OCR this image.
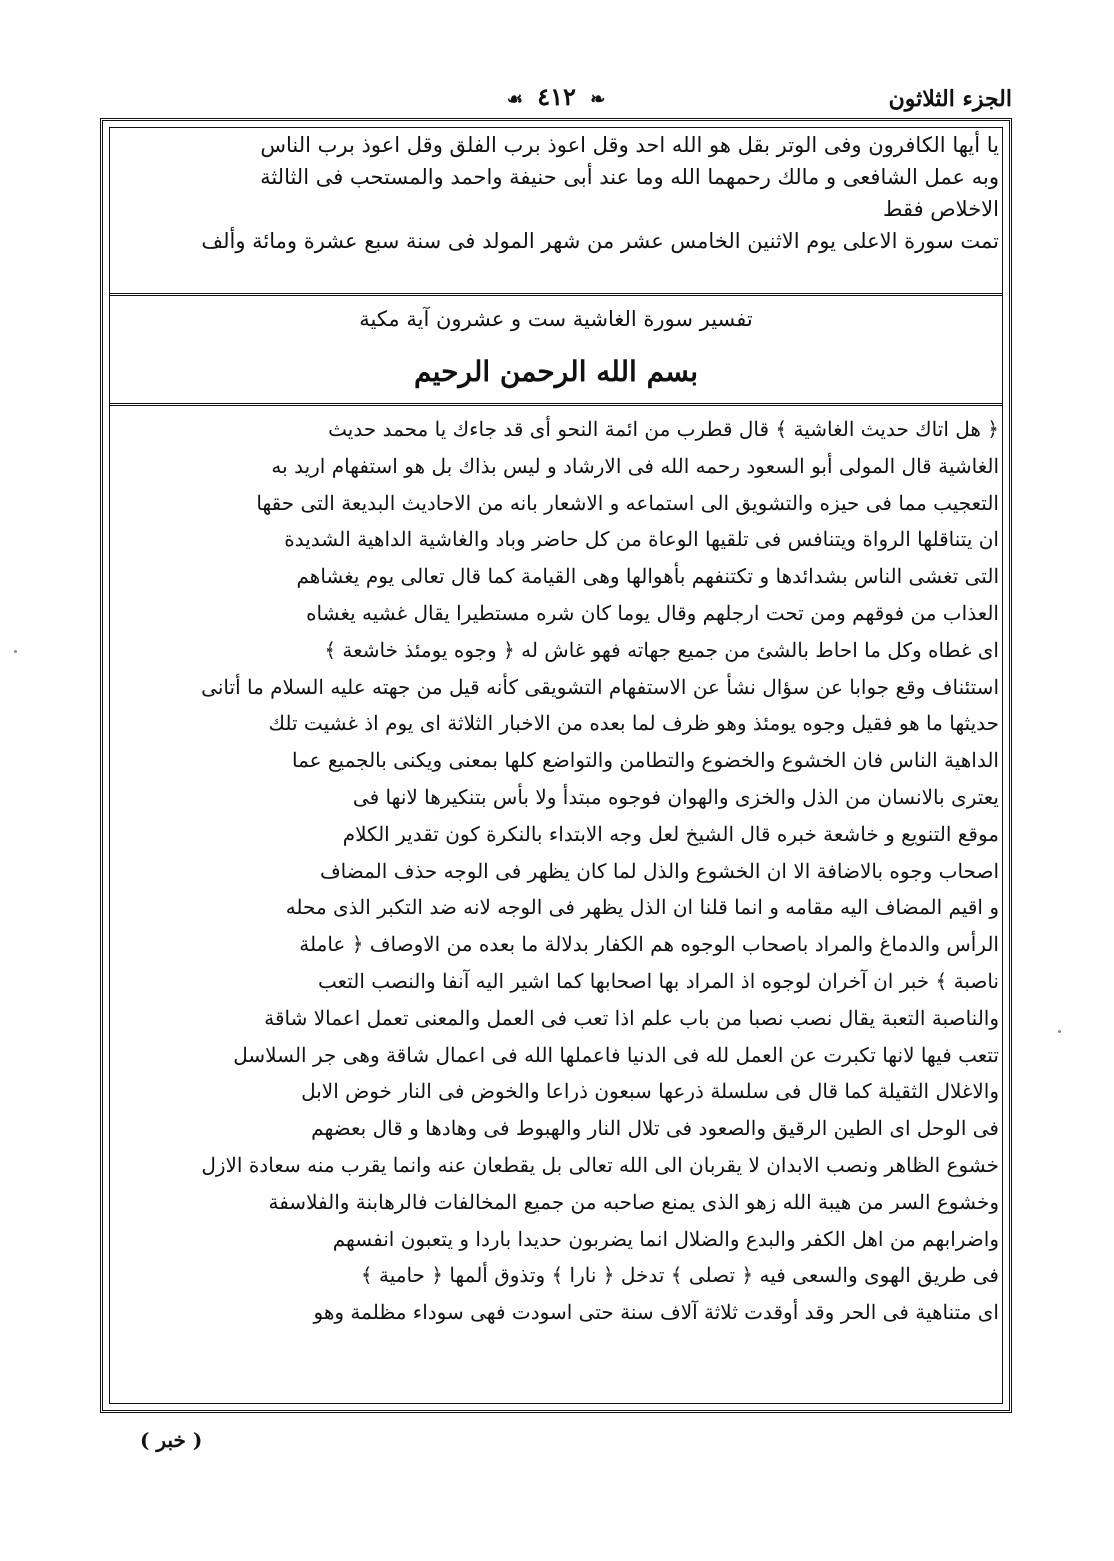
الجزء الثلاثون
❧ ٤١٢ ☙

يا أيها الكافرون وفى الوتر بقل هو الله احد وقل اعوذ برب الفلق وقل اعوذ برب الناس

وبه عمل الشافعى و مالك رحمهما الله وما عند أبى حنيفة واحمد والمستحب فى الثالثة

الاخلاص فقط

تمت سورة الاعلى يوم الاثنين الخامس عشر من شهر المولد فى سنة سبع عشرة ومائة وألف

تفسير سورة الغاشية ست و عشرون آية مكية
بسم الله الرحمن الرحيم

﴿ هل اتاك حديث الغاشية ﴾ قال قطرب من ائمة النحو أى قد جاءك يا محمد حديث

الغاشية قال المولى أبو السعود رحمه الله فى الارشاد و ليس بذاك بل هو استفهام اريد به

التعجيب مما فى حيزه والتشويق الى استماعه و الاشعار بانه من الاحاديث البديعة التى حقها

ان يتناقلها الرواة ويتنافس فى تلقيها الوعاة من كل حاضر وباد والغاشية الداهية الشديدة

التى تغشى الناس بشدائدها و تكتنفهم بأهوالها وهى القيامة كما قال تعالى يوم يغشاهم

العذاب من فوقهم ومن تحت ارجلهم وقال يوما كان شره مستطيرا يقال غشيه يغشاه

اى غطاه وكل ما احاط بالشئ من جميع جهاته فهو غاش له ﴿ وجوه يومئذ خاشعة ﴾

استئناف وقع جوابا عن سؤال نشأ عن الاستفهام التشويقى كأنه قيل من جهته عليه السلام ما أتانى

حديثها ما هو فقيل وجوه يومئذ وهو ظرف لما بعده من الاخبار الثلاثة اى يوم اذ غشيت تلك

الداهية الناس فان الخشوع والخضوع والتطامن والتواضع كلها بمعنى ويكنى بالجميع عما

يعترى بالانسان من الذل والخزى والهوان فوجوه مبتدأ ولا بأس بتنكيرها لانها فى

موقع التنويع و خاشعة خبره قال الشيخ لعل وجه الابتداء بالنكرة كون تقدير الكلام

اصحاب وجوه بالاضافة الا ان الخشوع والذل لما كان يظهر فى الوجه حذف المضاف

و اقيم المضاف اليه مقامه و انما قلنا ان الذل يظهر فى الوجه لانه ضد التكبر الذى محله

الرأس والدماغ والمراد باصحاب الوجوه هم الكفار بدلالة ما بعده من الاوصاف ﴿ عاملة

ناصبة ﴾ خبر ان آخران لوجوه اذ المراد بها اصحابها كما اشير اليه آنفا والنصب التعب

والناصبة التعبة يقال نصب نصبا من باب علم اذا تعب فى العمل والمعنى تعمل اعمالا شاقة

تتعب فيها لانها تكبرت عن العمل لله فى الدنيا فاعملها الله فى اعمال شاقة وهى جر السلاسل

والاغلال الثقيلة كما قال فى سلسلة ذرعها سبعون ذراعا والخوض فى النار خوض الابل

فى الوحل اى الطين الرقيق والصعود فى تلال النار والهبوط فى وهادها و قال بعضهم

خشوع الظاهر ونصب الابدان لا يقربان الى الله تعالى بل يقطعان عنه وانما يقرب منه سعادة الازل

وخشوع السر من هيبة الله زهو الذى يمنع صاحبه من جميع المخالفات فالرهابنة والفلاسفة

واضرابهم من اهل الكفر والبدع والضلال انما يضربون حديدا باردا و يتعبون انفسهم

فى طريق الهوى والسعى فيه ﴿ تصلى ﴾ تدخل ﴿ نارا ﴾ وتذوق ألمها ﴿ حامية ﴾

اى متناهية فى الحر وقد أوقدت ثلاثة آلاف سنة حتى اسودت فهى سوداء مظلمة وهو

( خبر )
